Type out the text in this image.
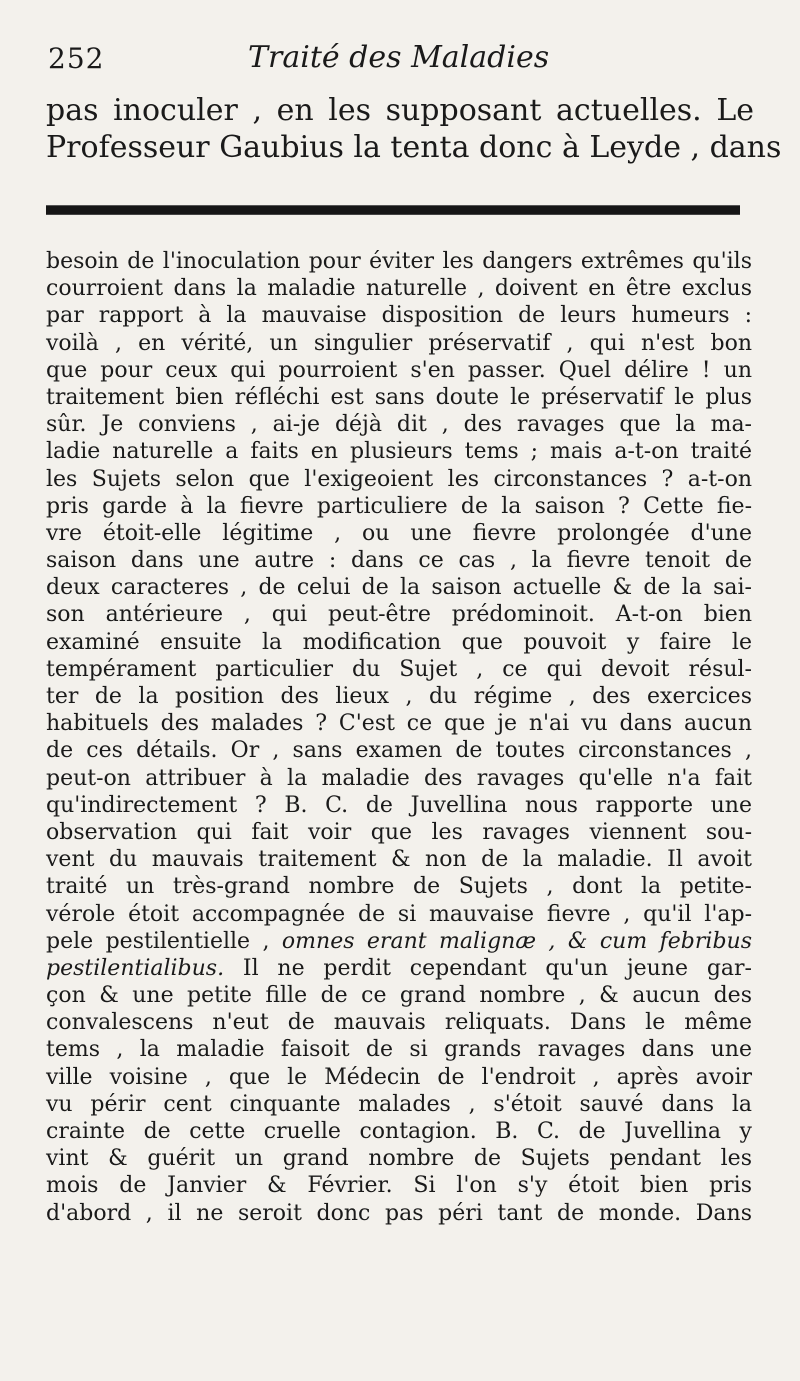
252	Traité des Maladies
pas inoculer , en les supposant actuelles. Le
Professeur Gaubius la tenta donc à Leyde , dans
besoin de l'inoculation pour éviter les dangers extrêmes qu'ils
courroient dans la maladie naturelle , doivent en être exclus
par rapport à la mauvaise disposition de leurs humeurs :
voilà , en vérité, un singulier préservatif , qui n'est bon
que pour ceux qui pourroient s'en passer. Quel délire ! un
traitement bien réfléchi est sans doute le préservatif le plus
sûr. Je conviens , ai-je déjà dit , des ravages que la ma-
ladie naturelle a faits en plusieurs tems ; mais a-t-on traité
les Sujets selon que l'exigeoient les circonstances ? a-t-on
pris garde à la fievre particuliere de la saison ? Cette fie-
vre étoit-elle légitime , ou une fievre prolongée d'une
saison dans une autre : dans ce cas , la fievre tenoit de
deux caracteres , de celui de la saison actuelle & de la sai-
son antérieure , qui peut-être prédominoit. A-t-on bien
examiné ensuite la modification que pouvoit y faire le
tempérament particulier du Sujet , ce qui devoit résul-
ter de la position des lieux , du régime , des exercices
habituels des malades ? C'est ce que je n'ai vu dans aucun
de ces détails. Or , sans examen de toutes circonstances ,
peut-on attribuer à la maladie des ravages qu'elle n'a fait
qu'indirectement ? B. C. de Juvellina nous rapporte une
observation qui fait voir que les ravages viennent sou-
vent du mauvais traitement & non de la maladie. Il avoit
traité un très-grand nombre de Sujets , dont la petite-
vérole étoit accompagnée de si mauvaise fievre , qu'il l'ap-
pele pestilentielle , omnes erant malignæ , & cum febribus
pestilentialibus. Il ne perdit cependant qu'un jeune gar-
çon & une petite fille de ce grand nombre , & aucun des
convalescens n'eut de mauvais reliquats. Dans le même
tems , la maladie faisoit de si grands ravages dans une
ville voisine , que le Médecin de l'endroit , après avoir
vu périr cent cinquante malades , s'étoit sauvé dans la
crainte de cette cruelle contagion. B. C. de Juvellina y
vint & guérit un grand nombre de Sujets pendant les
mois de Janvier & Février. Si l'on s'y étoit bien pris
d'abord , il ne seroit donc pas péri tant de monde. Dans
